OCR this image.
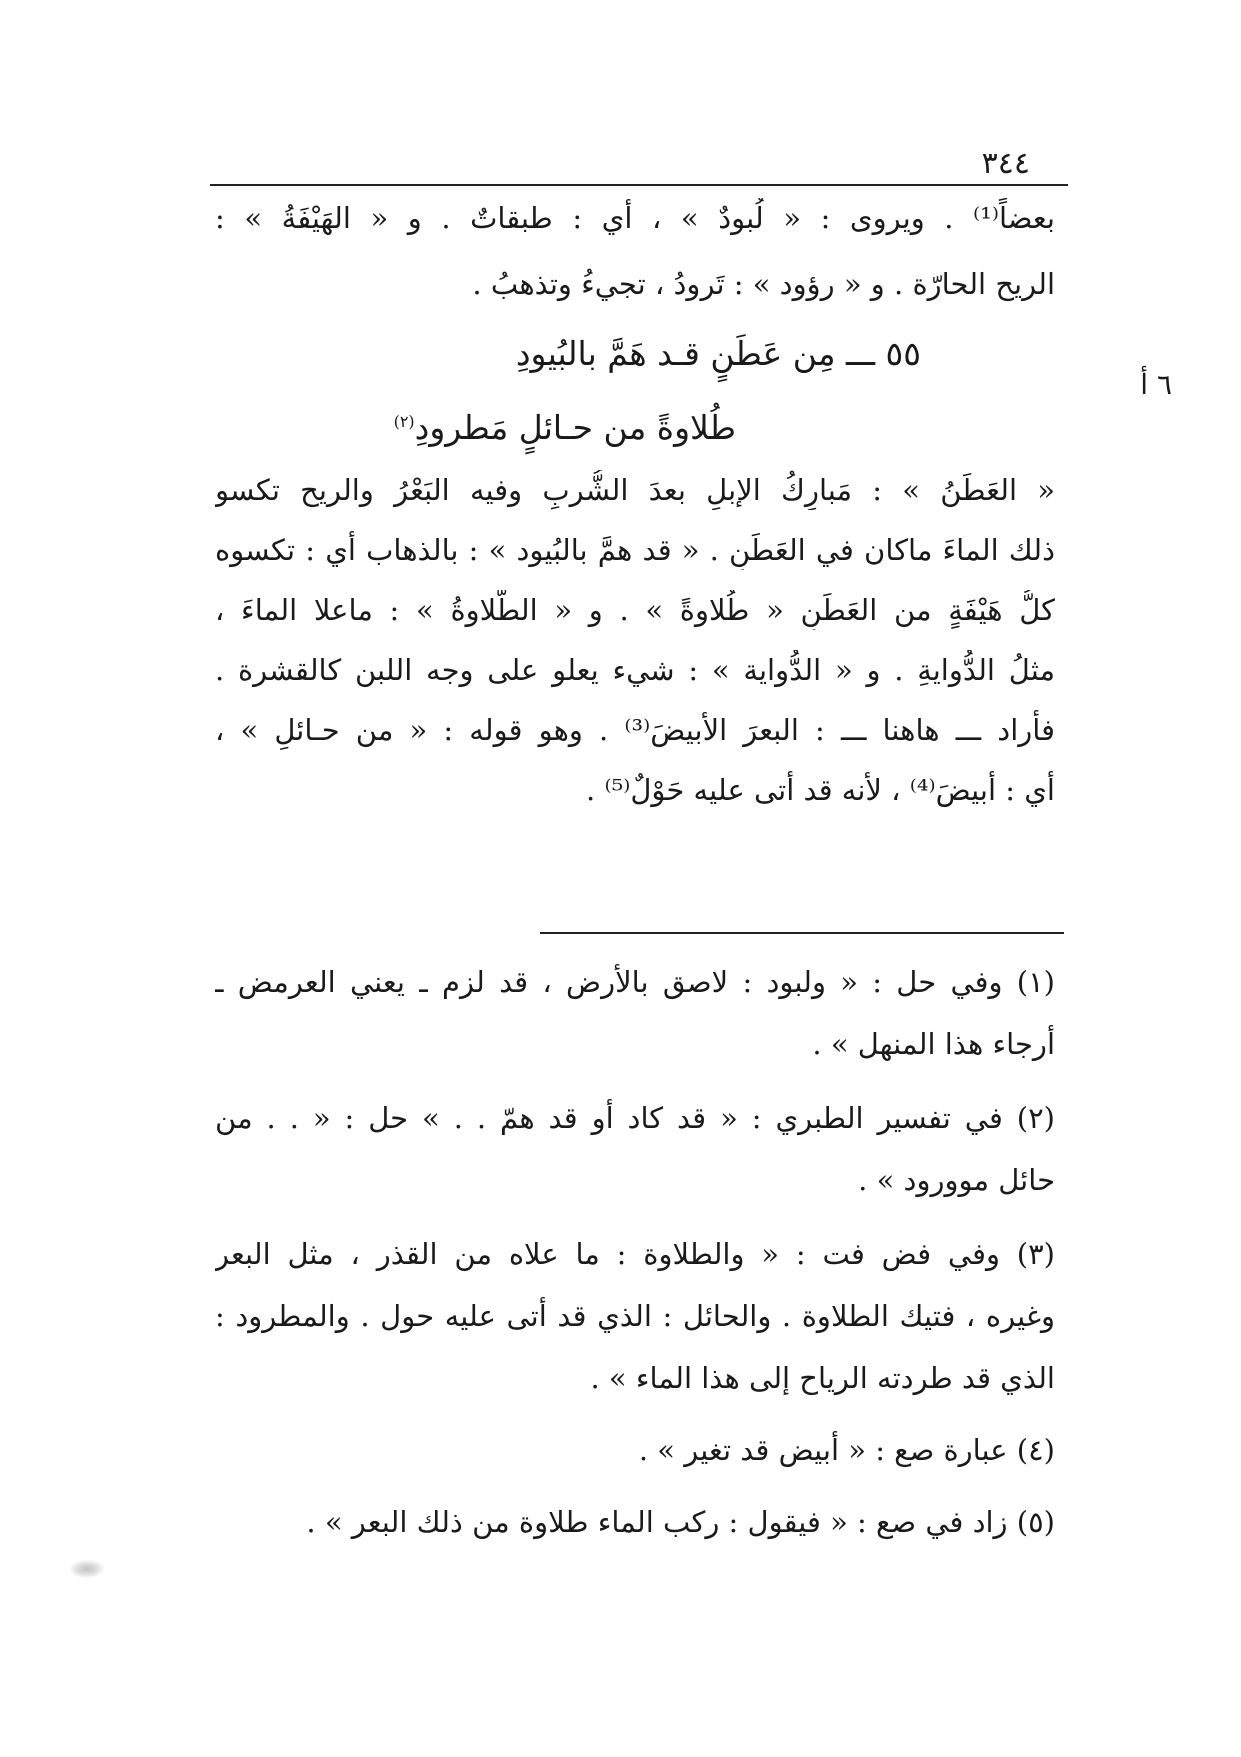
٣٤٤
بعضاً⁽¹⁾ . ويروى : « لُبودٌ » ، أي : طبقاتٌ . و « الهَيْفَةُ » :
الريح الحارّة . و « رؤود » : تَرودُ ، تجيءُ وتذهبُ .
٦ أ
٥٥ ـــ مِن عَطَنٍ قـد هَمَّ بالبُيودِ
طُلاوةً من حـائلٍ مَطرودِ$^{(٢)}$
« العَطَنُ » : مَبارِكُ الإبلِ بعدَ الشُّربِ وفيه البَعْرُ والريح تكسو
ذلك الماءَ ماكان في العَطَنِ . « قد همَّ بالبُيود » : بالذهاب أي : تكسوه
كلُّ هَيْفَةٍ من العَطَنِ « طُلاوةً » . و « الطُّلاوةُ » : ماعلا الماءَ ،
مثلُ الدُّوايةِ . و « الدُّواية » : شيء يعلو على وجه اللبن كالقشرة .
فأراد ـــ هاهنا ـــ : البعرَ الأبيضَ⁽³⁾ . وهو قوله : « من حـائلٍ » ،
أي : أبيضَ⁽⁴⁾ ، لأنه قد أتى عليه حَوْلٌ⁽⁵⁾ .
(١) وفي حل : « ولبود : لاصق بالأرض ، قد لزم ـ يعني العرمض ـ
أرجاء هذا المنهل » .
(٢) في تفسير الطبري : « قد كاد أو قد همّ . . » حل : « . . من
حائل موورود » .
(٣) وفي فض فت : « والطلاوة : ما علاه من القذر ، مثل البعر
وغيره ، فتيك الطلاوة . والحائل : الذي قد أتى عليه حول . والمطرود :
الذي قد طردته الرياح إلى هذا الماء » .
(٤) عبارة صع : « أبيض قد تغير » .
(٥) زاد في صع : « فيقول : ركب الماء طلاوة من ذلك البعر » .
